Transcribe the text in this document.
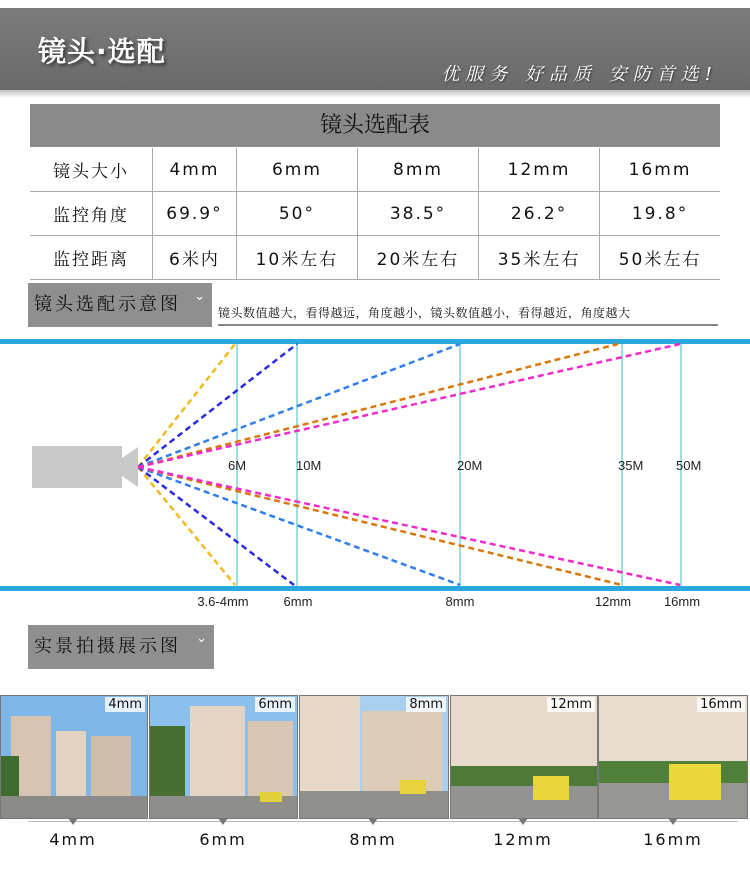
镜头·选配
优服务 好品质 安防首选!
镜头选配表
镜头大小	4mm	6mm	8mm	12mm	16mm
监控角度	69.9°	50°	38.5°	26.2°	19.8°
监控距离	6米内	10米左右	20米左右	35米左右	50米左右
镜头选配示意图 ⌄
镜头数值越大，看得越远，角度越小，镜头数值越小，看得越近，角度越大
6M	10M	20M	35M	50M
3.6-4mm	6mm	8mm	12mm	16mm
实景拍摄展示图 ⌄
4mm	6mm	8mm	12mm	16mm
4mm	6mm	8mm	12mm	16mm
